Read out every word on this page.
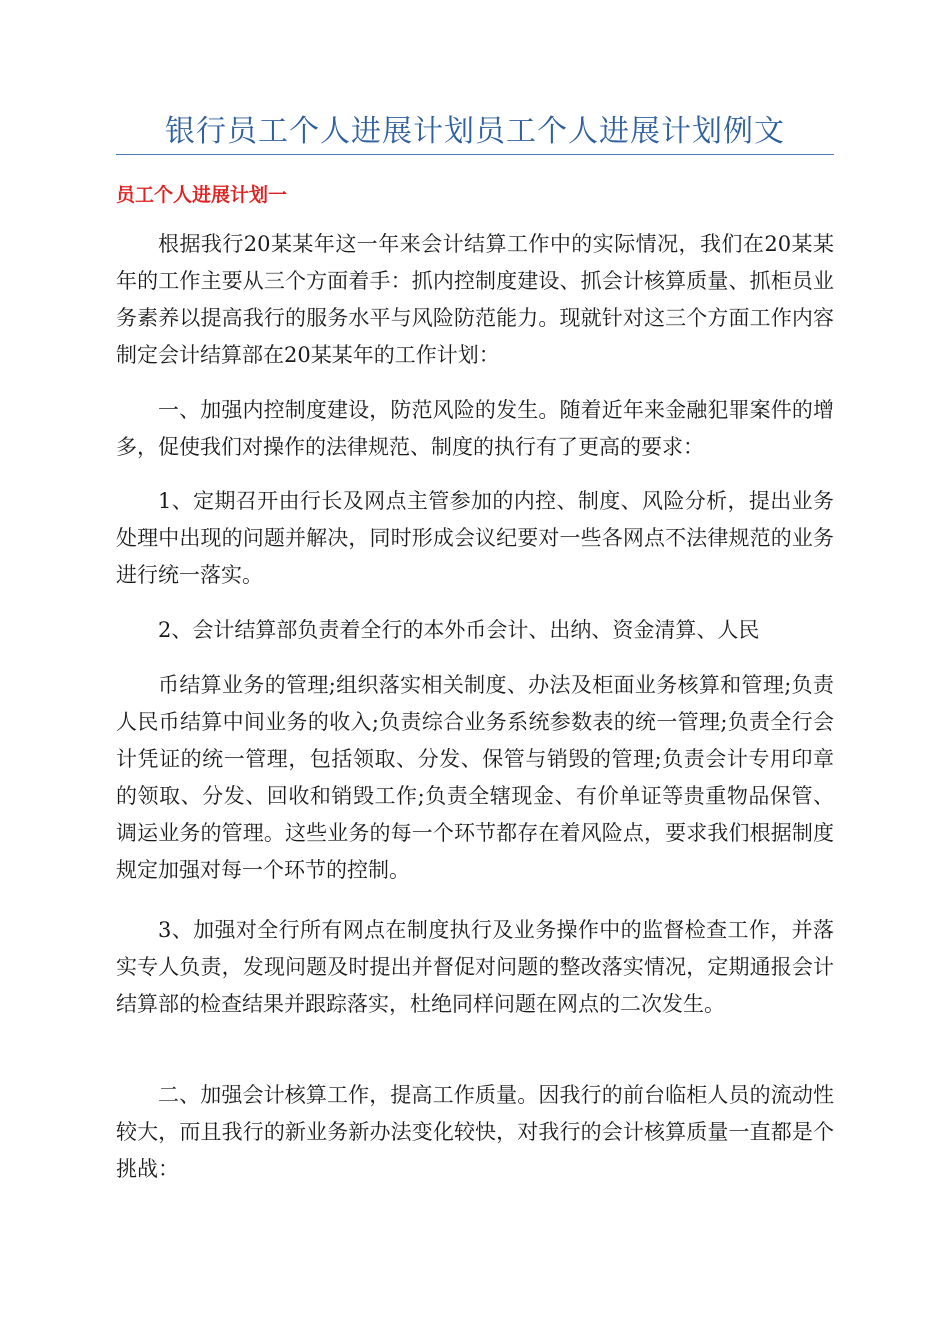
银行员工个人进展计划员工个人进展计划例文
员工个人进展计划一

根据我行20某某年这一年来会计结算工作中的实际情况，我们在20某某年的工作主要从三个方面着手：抓内控制度建设、抓会计核算质量、抓柜员业务素养以提高我行的服务水平与风险防范能力。现就针对这三个方面工作内容制定会计结算部在20某某年的工作计划：

一、加强内控制度建设，防范风险的发生。随着近年来金融犯罪案件的增多，促使我们对操作的法律规范、制度的执行有了更高的要求：

1、定期召开由行长及网点主管参加的内控、制度、风险分析，提出业务处理中出现的问题并解决，同时形成会议纪要对一些各网点不法律规范的业务进行统一落实。

2、会计结算部负责着全行的本外币会计、出纳、资金清算、人民

币结算业务的管理;组织落实相关制度、办法及柜面业务核算和管理;负责人民币结算中间业务的收入;负责综合业务系统参数表的统一管理;负责全行会计凭证的统一管理，包括领取、分发、保管与销毁的管理;负责会计专用印章的领取、分发、回收和销毁工作;负责全辖现金、有价单证等贵重物品保管、调运业务的管理。这些业务的每一个环节都存在着风险点，要求我们根据制度规定加强对每一个环节的控制。

3、加强对全行所有网点在制度执行及业务操作中的监督检查工作，并落实专人负责，发现问题及时提出并督促对问题的整改落实情况，定期通报会计结算部的检查结果并跟踪落实，杜绝同样问题在网点的二次发生。

二、加强会计核算工作，提高工作质量。因我行的前台临柜人员的流动性较大，而且我行的新业务新办法变化较快，对我行的会计核算质量一直都是个挑战：
